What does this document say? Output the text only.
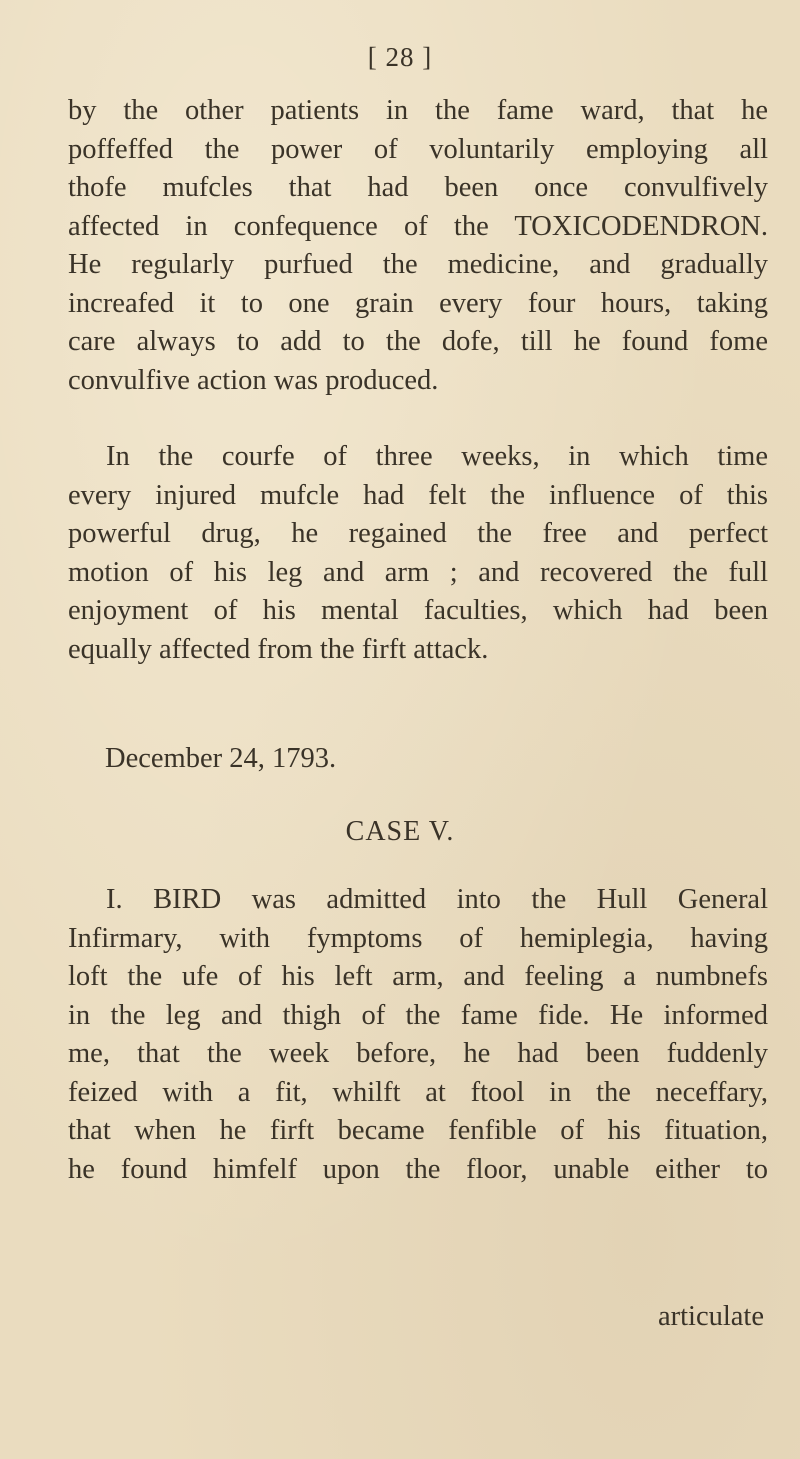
[ 28 ]
by the other patients in the fame ward, that he
poffeffed the power of voluntarily employing all
thofe mufcles that had been once convulfively
affected in confequence of the TOXICODENDRON.
He regularly purfued the medicine, and gradually
increafed it to one grain every four hours, taking
care always to add to the dofe, till he found fome
convulfive action was produced.
In the courfe of three weeks, in which time
every injured mufcle had felt the influence of this
powerful drug, he regained the free and perfect
motion of his leg and arm ; and recovered the full
enjoyment of his mental faculties, which had been
equally affected from the firft attack.
December 24, 1793.
CASE V.
I. BIRD was admitted into the Hull General
Infirmary, with fymptoms of hemiplegia, having
loft the ufe of his left arm, and feeling a numbnefs
in the leg and thigh of the fame fide. He informed
me, that the week before, he had been fuddenly
feized with a fit, whilft at ftool in the neceffary,
that when he firft became fenfible of his fituation,
he found himfelf upon the floor, unable either to
articulate
